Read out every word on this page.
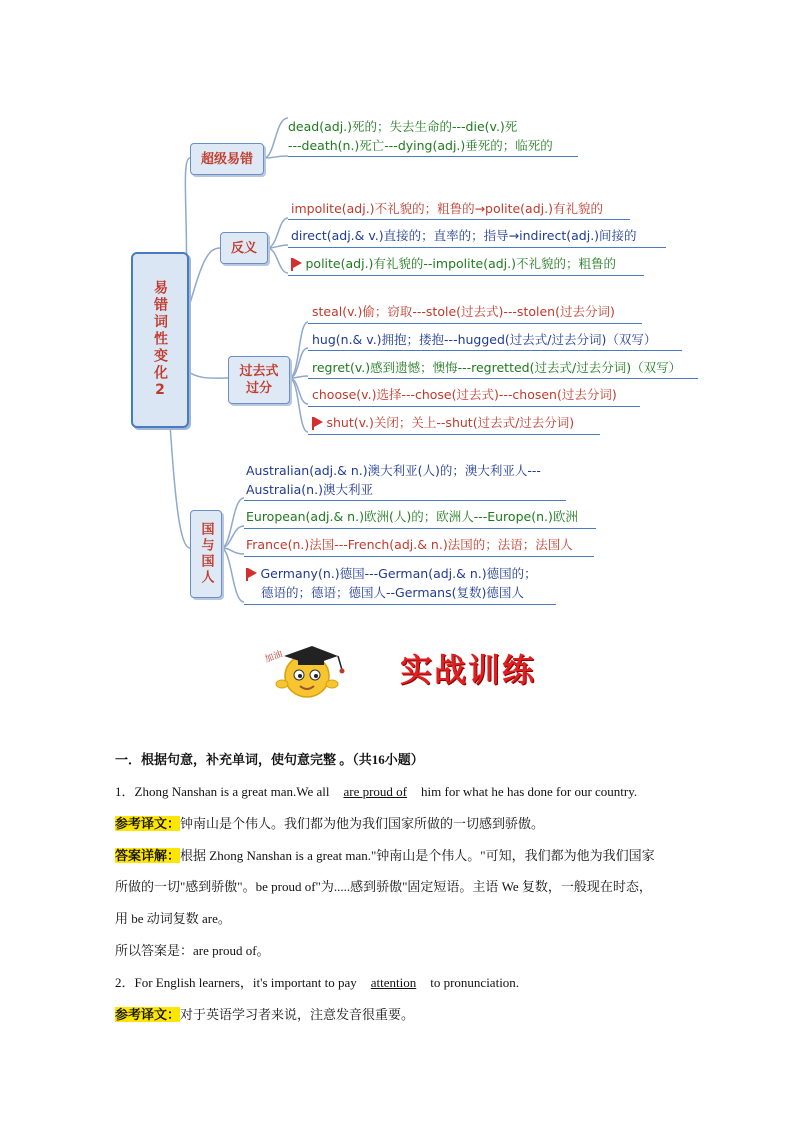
易错词性变化2
超级易错
反义
过去式过分
国与国人
dead(adj.)死的；失去生命的---die(v.)死
---death(n.)死亡---dying(adj.)垂死的；临死的
impolite(adj.)不礼貌的；粗鲁的→polite(adj.)有礼貌的
direct(adj.& v.)直接的；直率的；指导→indirect(adj.)间接的
polite(adj.)有礼貌的--impolite(adj.)不礼貌的；粗鲁的
steal(v.)偷；窃取---stole(过去式)---stolen(过去分词)
hug(n.& v.)拥抱；搂抱---hugged(过去式/过去分词)（双写）
regret(v.)感到遗憾；懊悔---regretted(过去式/过去分词)（双写）
choose(v.)选择---chose(过去式)---chosen(过去分词)
shut(v.)关闭；关上--shut(过去式/过去分词)
Australian(adj.& n.)澳大利亚(人)的；澳大利亚人---
Australia(n.)澳大利亚
European(adj.& n.)欧洲(人)的；欧洲人---Europe(n.)欧洲
France(n.)法国---French(adj.& n.)法国的；法语；法国人
Germany(n.)德国---German(adj.& n.)德国的；
德语的；德语；德国人--Germans(复数)德国人
加油	实战训练
一．根据句意，补充单词，使句意完整 。（共16小题）
1．Zhong Nanshan is a great man.We all are proud of him for what he has done for our country.
参考译文：钟南山是个伟人。我们都为他为我们国家所做的一切感到骄傲。
答案详解：根据 Zhong Nanshan is a great man."钟南山是个伟人。"可知，我们都为他为我们国家
所做的一切"感到骄傲"。be proud of"为.....感到骄傲"固定短语。主语 We 复数，一般现在时态，
用 be 动词复数 are。
所以答案是：are proud of。
2．For English learners，it's important to pay attention to pronunciation.
参考译文：对于英语学习者来说，注意发音很重要。
